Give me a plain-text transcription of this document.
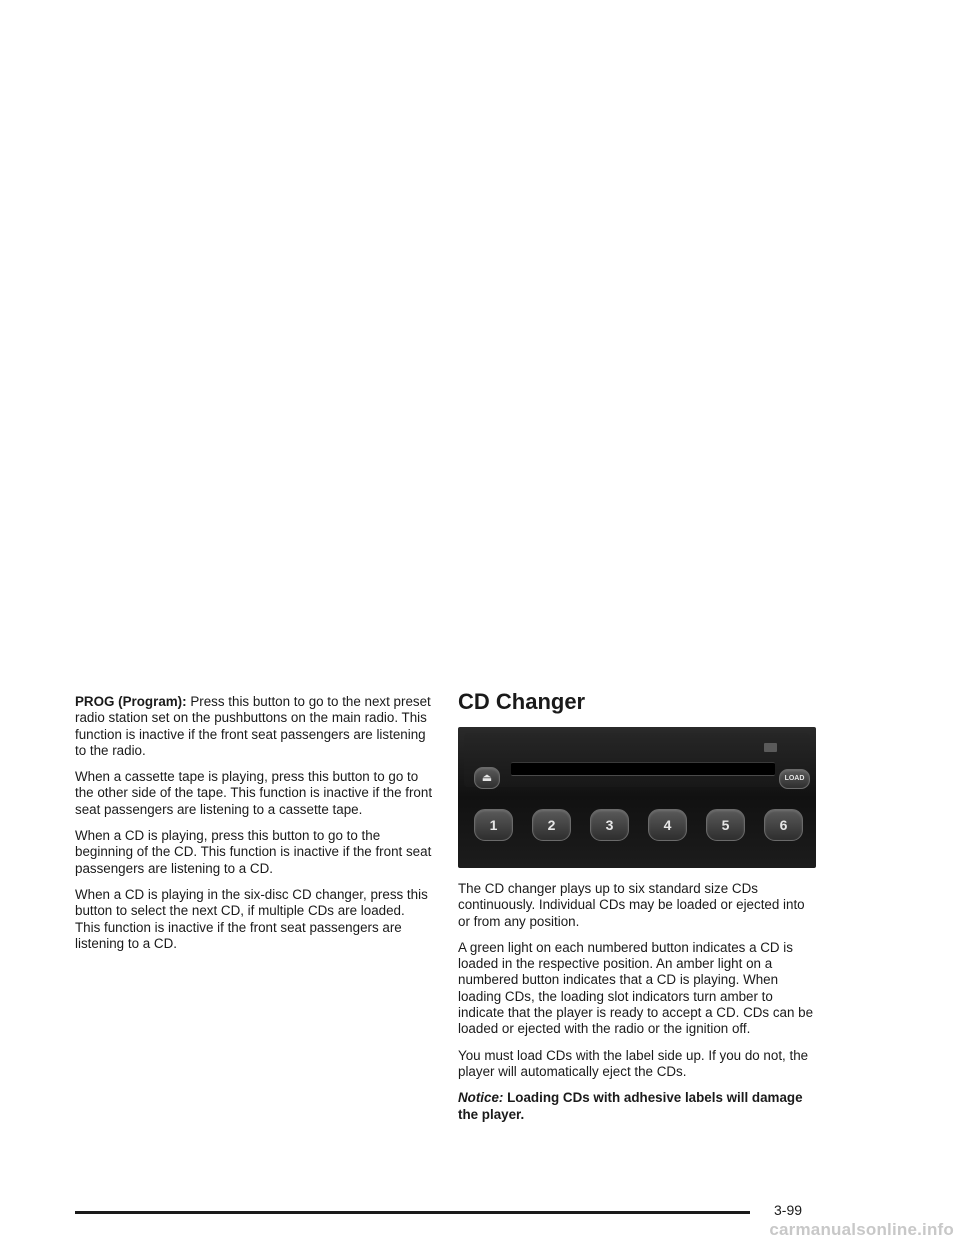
PROG (Program): Press this button to go to the next preset radio station set on the pushbuttons on the main radio. This function is inactive if the front seat passengers are listening to the radio.

When a cassette tape is playing, press this button to go to the other side of the tape. This function is inactive if the front seat passengers are listening to a cassette tape.

When a CD is playing, press this button to go to the beginning of the CD. This function is inactive if the front seat passengers are listening to a CD.

When a CD is playing in the six-disc CD changer, press this button to select the next CD, if multiple CDs are loaded. This function is inactive if the front seat passengers are listening to a CD.

CD Changer
⏏	LOAD
1	2	3	4	5	6

The CD changer plays up to six standard size CDs continuously. Individual CDs may be loaded or ejected into or from any position.

A green light on each numbered button indicates a CD is loaded in the respective position. An amber light on a numbered button indicates that a CD is playing. When loading CDs, the loading slot indicators turn amber to indicate that the player is ready to accept a CD. CDs can be loaded or ejected with the radio or the ignition off.

You must load CDs with the label side up. If you do not, the player will automatically eject the CDs.

Notice: Loading CDs with adhesive labels will damage the player.

3-99
carmanualsonline.info
